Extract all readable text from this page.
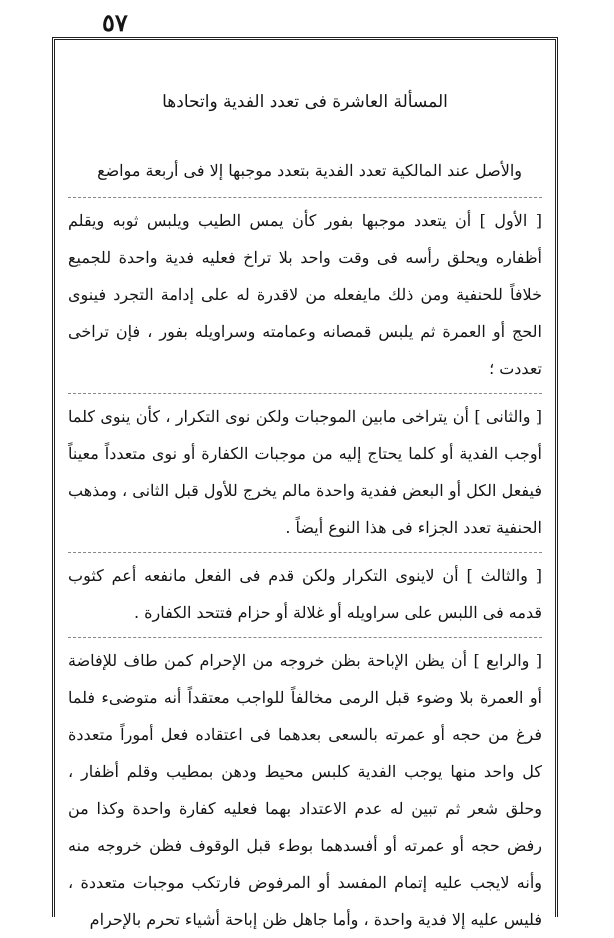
٥٧
المسألة العاشرة فى تعدد الفدية واتحادها

والأصل عند المالكية تعدد الفدية بتعدد موجبها إلا فى أربعة مواضع

[ الأول ] أن يتعدد موجبها بفور كأن يمس الطيب ويلبس ثوبه ويقلم أظفاره ويحلق رأسه فى وقت واحد بلا تراخ فعليه فدية واحدة للجميع خلافاً للحنفية ومن ذلك مايفعله من لاقدرة له على إدامة التجرد فينوى الحج أو العمرة ثم يلبس قمصانه وعمامته وسراويله بفور ، فإن تراخى تعددت ؛

[ والثانى ] أن يتراخى مابين الموجبات ولكن نوى التكرار ، كأن ينوى كلما أوجب الفدية أو كلما يحتاج إليه من موجبات الكفارة أو نوى متعدداً معيناً فيفعل الكل أو البعض ففدية واحدة مالم يخرج للأول قبل الثانى ، ومذهب الحنفية تعدد الجزاء فى هذا النوع أيضاً .

[ والثالث ] أن لاينوى التكرار ولكن قدم فى الفعل مانفعه أعم كثوب قدمه فى اللبس على سراويله أو غلالة أو حزام فتتحد الكفارة .

[ والرابع ] أن يظن الإباحة بظن خروجه من الإحرام كمن طاف للإفاضة أو العمرة بلا وضوء قبل الرمى مخالفاً للواجب معتقداً أنه متوضىء فلما فرغ من حجه أو عمرته بالسعى بعدهما فى اعتقاده فعل أموراً متعددة كل واحد منها يوجب الفدية كلبس محيط ودهن بمطيب وقلم أظفار ، وحلق شعر ثم تبين له عدم الاعتداد بهما فعليه كفارة واحدة وكذا من رفض حجه أو عمرته أو أفسدهما بوطء قبل الوقوف فظن خروجه منه وأنه لايجب عليه إتمام المفسد أو المرفوض فارتكب موجبات متعددة ، فليس عليه إلا فدية واحدة ، وأما جاهل ظن إباحة أشياء تحرم بالإحرام
